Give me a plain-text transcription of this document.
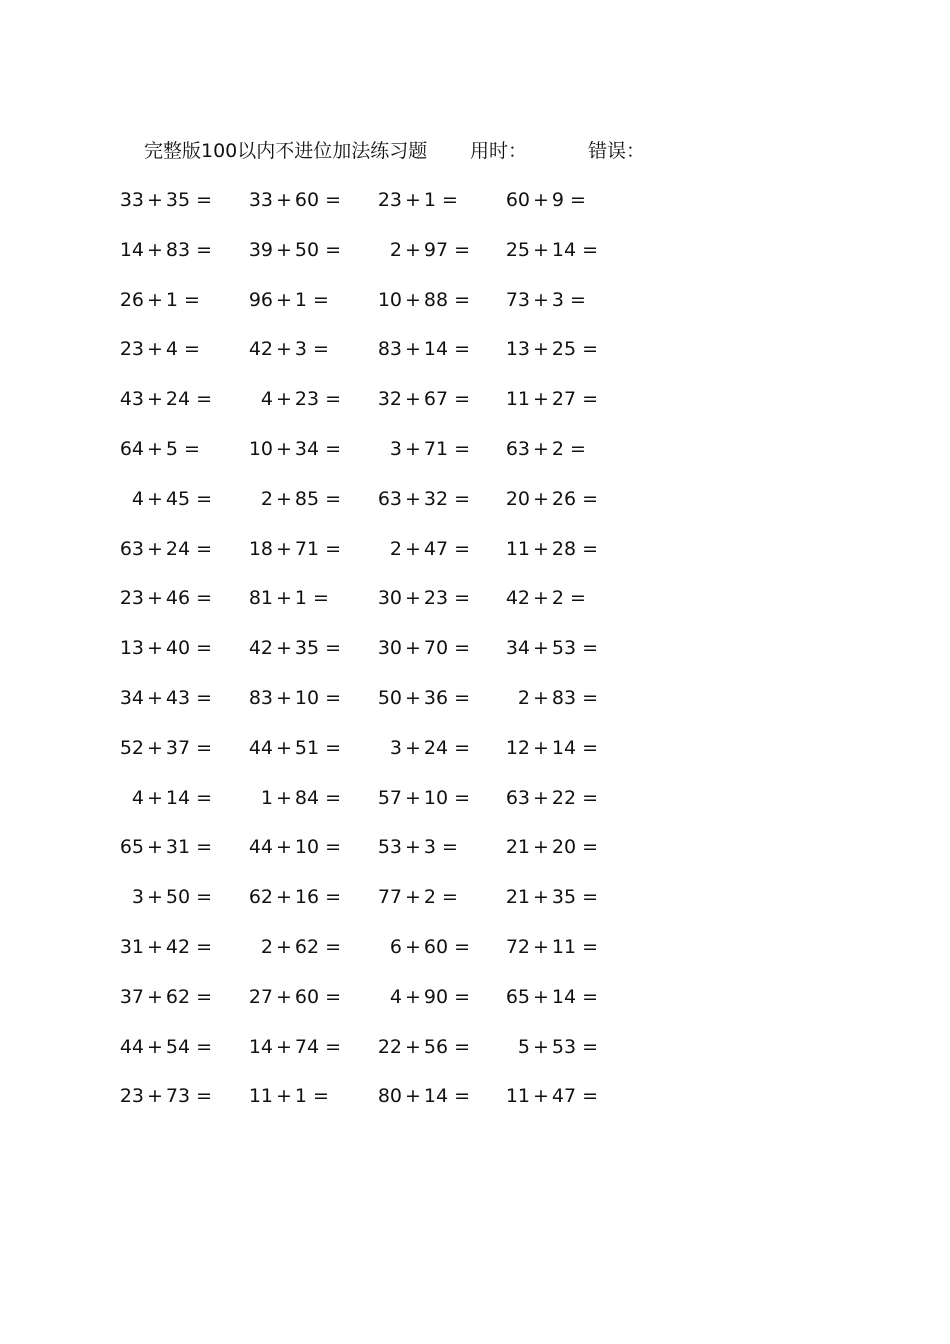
完整版100以内不进位加法练习题 用时：	错误：
33 + 35 =	33 + 60 =	23 + 1 =	60 + 9 =
14 + 83 =	39 + 50 =	2 + 97 =	25 + 14 =
26 + 1 =	96 + 1 =	10 + 88 =	73 + 3 =
23 + 4 =	42 + 3 =	83 + 14 =	13 + 25 =
43 + 24 =	4 + 23 =	32 + 67 =	11 + 27 =
64 + 5 =	10 + 34 =	3 + 71 =	63 + 2 =
4 + 45 =	2 + 85 =	63 + 32 =	20 + 26 =
63 + 24 =	18 + 71 =	2 + 47 =	11 + 28 =
23 + 46 =	81 + 1 =	30 + 23 =	42 + 2 =
13 + 40 =	42 + 35 =	30 + 70 =	34 + 53 =
34 + 43 =	83 + 10 =	50 + 36 =	2 + 83 =
52 + 37 =	44 + 51 =	3 + 24 =	12 + 14 =
4 + 14 =	1 + 84 =	57 + 10 =	63 + 22 =
65 + 31 =	44 + 10 =	53 + 3 =	21 + 20 =
3 + 50 =	62 + 16 =	77 + 2 =	21 + 35 =
31 + 42 =	2 + 62 =	6 + 60 =	72 + 11 =
37 + 62 =	27 + 60 =	4 + 90 =	65 + 14 =
44 + 54 =	14 + 74 =	22 + 56 =	5 + 53 =
23 + 73 =	11 + 1 =	80 + 14 =	11 + 47 =
